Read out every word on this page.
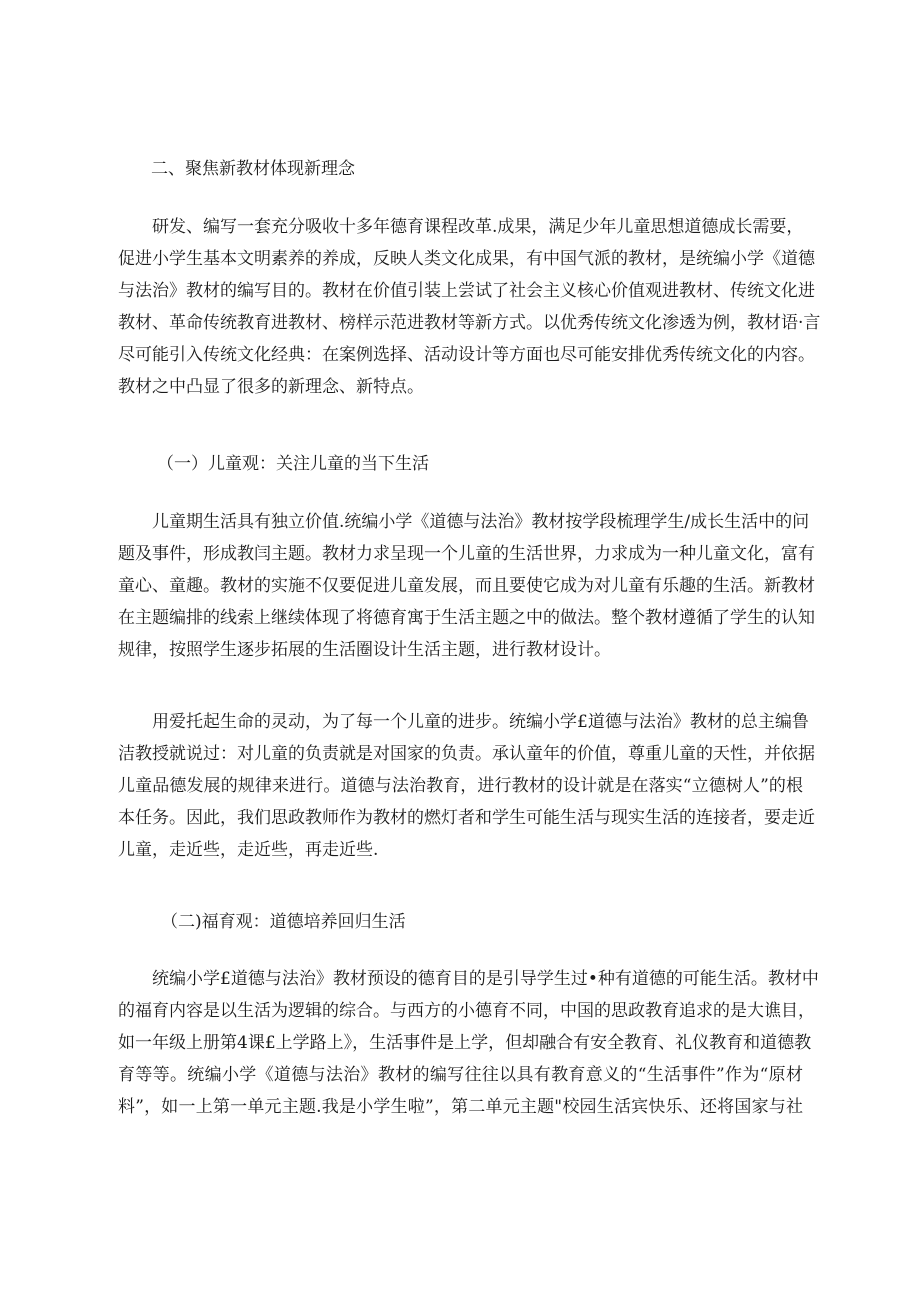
二、聚焦新教材体现新理念
研发、编写一套充分吸收十多年德育课程改革.成果，满足少年儿童思想道德成长需要，
促进小学生基本文明素养的养成，反映人类文化成果，有中国气派的教材，是统编小学《道德
与法治》教材的编写目的。教材在价值引装上尝试了社会主义核心价值观进教材、传统文化进
教材、革命传统教育进教材、榜样示范进教材等新方式。以优秀传统文化渗透为例，教材语·言
尽可能引入传统文化经典：在案例选择、活动设计等方面也尽可能安排优秀传统文化的内容。
教材之中凸显了很多的新理念、新特点。
（一）儿童观：关注儿童的当下生活
儿童期生活具有独立价值.统编小学《道德与法治》教材按学段梳理学生/成长生活中的问
题及事件，形成教闫主题。教材力求呈现一个儿童的生活世界，力求成为一种儿童文化，富有
童心、童趣。教材的实施不仅要促进儿童发展，而且要使它成为对儿童有乐趣的生活。新教材
在主题编排的线索上继续体现了将德育寓于生活主题之中的做法。整个教材遵循了学生的认知
规律，按照学生逐步拓展的生活圈设计生活主题，进行教材设计。
用爱托起生命的灵动，为了每一个儿童的进步。统编小学£道德与法治》教材的总主编鲁
洁教授就说过：对儿童的负责就是对国家的负责。承认童年的价值，尊重儿童的天性，并依据
儿童品德发展的规律来进行。道德与法治教育，进行教材的设计就是在落实“立德树人”的根
本任务。因此，我们思政教师作为教材的燃灯者和学生可能生活与现实生活的连接者，要走近
儿童，走近些，走近些，再走近些.
（二)福育观：道德培养回归生活
统编小学£道德与法治》教材预设的德育目的是引导学生过•种有道德的可能生活。教材中
的福育内容是以生活为逻辑的综合。与西方的小德育不同，中国的思政教育追求的是大谯目，
如一年级上册第4课£上学路上》，生活事件是上学，但却融合有安全教育、礼仪教育和道德教
育等等。统编小学《道德与法治》教材的编写往往以具有教育意义的“生活事件”作为“原材
料”，如一上第一单元主题.我是小学生啦”，第二单元主题"校园生活宾快乐、还将国家与社
